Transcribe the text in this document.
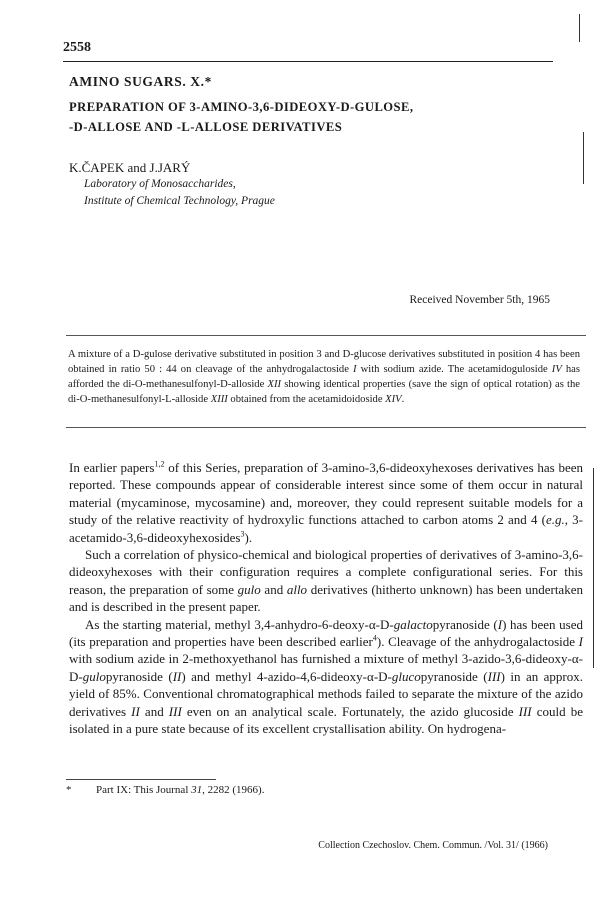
2558
AMINO SUGARS. X.*
PREPARATION OF 3-AMINO-3,6-DIDEOXY-D-GULOSE,
-D-ALLOSE AND -L-ALLOSE DERIVATIVES
K.ČAPEK and J.JARÝ
Laboratory of Monosaccharides,
Institute of Chemical Technology, Prague
Received November 5th, 1965
A mixture of a D-gulose derivative substituted in position 3 and D-glucose derivatives substituted in position 4 has been obtained in ratio 50 : 44 on cleavage of the anhydrogalactoside I with sodium azide. The acetamidoguloside IV has afforded the di-O-methanesulfonyl-D-alloside XII showing identical properties (save the sign of optical rotation) as the di-O-methanesulfonyl-L-alloside XIII obtained from the acetamidoidoside XIV.

In earlier papers$^{1,2}$ of this Series, preparation of 3-amino-3,6-dideoxyhexoses derivatives has been reported. These compounds appear of considerable interest since some of them occur in natural material (mycaminose, mycosamine) and, moreover, they could represent suitable models for a study of the relative reactivity of hydroxylic functions attached to carbon atoms 2 and 4 (e.g., 3-acetamido-3,6-dideoxyhexosides$^3$).

Such a correlation of physico-chemical and biological properties of derivatives of 3-amino-3,6-dideoxyhexoses with their configuration requires a complete configurational series. For this reason, the preparation of some gulo and allo derivatives (hitherto unknown) has been undertaken and is described in the present paper.

As the starting material, methyl 3,4-anhydro-6-deoxy-α-D-galactopyranoside (I) has been used (its preparation and properties have been described earlier$^4$). Cleavage of the anhydrogalactoside I with sodium azide in 2-methoxyethanol has furnished a mixture of methyl 3-azido-3,6-dideoxy-α-D-gulopyranoside (II) and methyl 4-azido-4,6-dideoxy-α-D-glucopyranoside (III) in an approx. yield of 85%. Conventional chromatographical methods failed to separate the mixture of the azido derivatives II and III even on an analytical scale. Fortunately, the azido glucoside III could be isolated in a pure state because of its excellent crystallisation ability. On hydrogena-

* Part IX: This Journal 31, 2282 (1966).
Collection Czechoslov. Chem. Commun. /Vol. 31/ (1966)
